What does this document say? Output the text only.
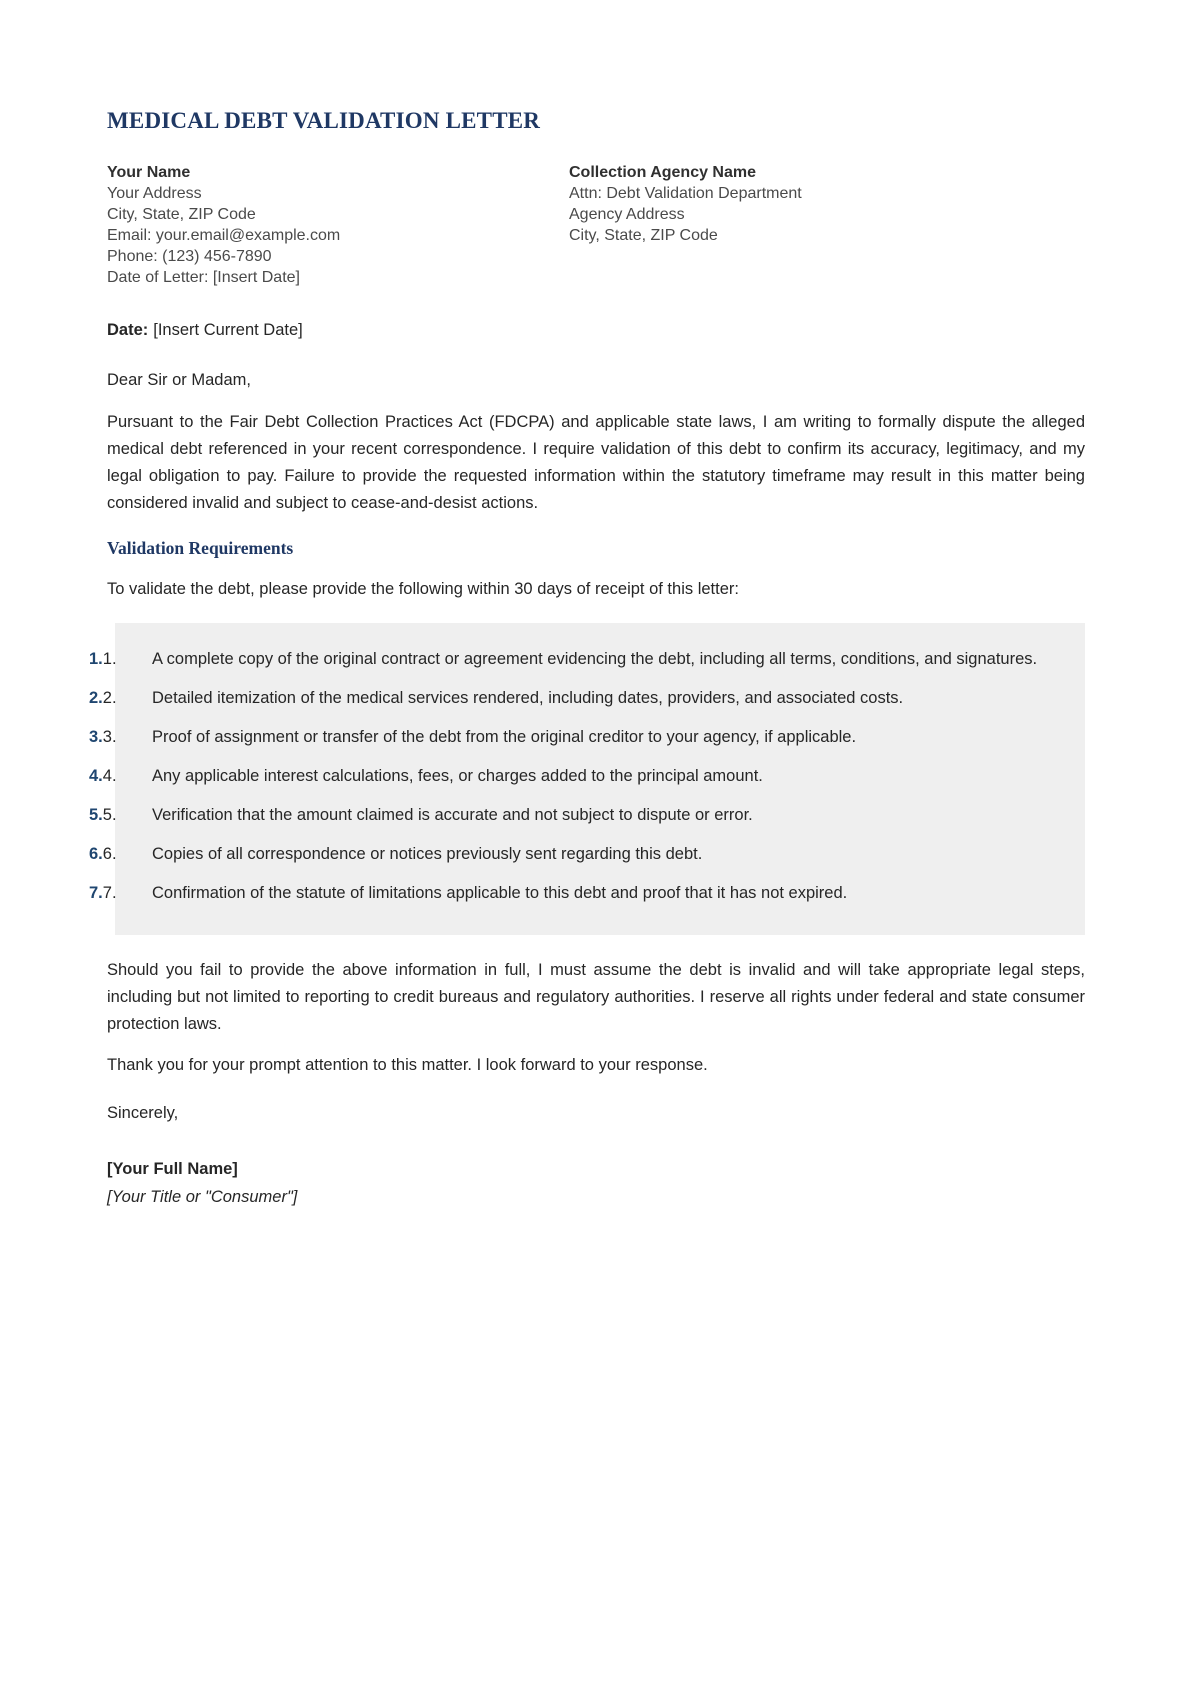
MEDICAL DEBT VALIDATION LETTER
Your Name
Your Address
City, State, ZIP Code
Email: your.email@example.com
Phone: (123) 456-7890
Date of Letter: [Insert Date]
Collection Agency Name
Attn: Debt Validation Department
Agency Address
City, State, ZIP Code

Date: [Insert Current Date]

Dear Sir or Madam,

Pursuant to the Fair Debt Collection Practices Act (FDCPA) and applicable state laws, I am writing to formally dispute the alleged medical debt referenced in your recent correspondence. I require validation of this debt to confirm its accuracy, legitimacy, and my legal obligation to pay. Failure to provide the requested information within the statutory timeframe may result in this matter being considered invalid and subject to cease-and-desist actions.

Validation Requirements

To validate the debt, please provide the following within 30 days of receipt of this letter:

1.1.	A complete copy of the original contract or agreement evidencing the debt, including all terms, conditions, and signatures.
2.2.	Detailed itemization of the medical services rendered, including dates, providers, and associated costs.
3.3.	Proof of assignment or transfer of the debt from the original creditor to your agency, if applicable.
4.4.	Any applicable interest calculations, fees, or charges added to the principal amount.
5.5.	Verification that the amount claimed is accurate and not subject to dispute or error.
6.6.	Copies of all correspondence or notices previously sent regarding this debt.
7.7.	Confirmation of the statute of limitations applicable to this debt and proof that it has not expired.

Should you fail to provide the above information in full, I must assume the debt is invalid and will take appropriate legal steps, including but not limited to reporting to credit bureaus and regulatory authorities. I reserve all rights under federal and state consumer protection laws.

Thank you for your prompt attention to this matter. I look forward to your response.

Sincerely,

[Your Full Name]
[Your Title or "Consumer"]
